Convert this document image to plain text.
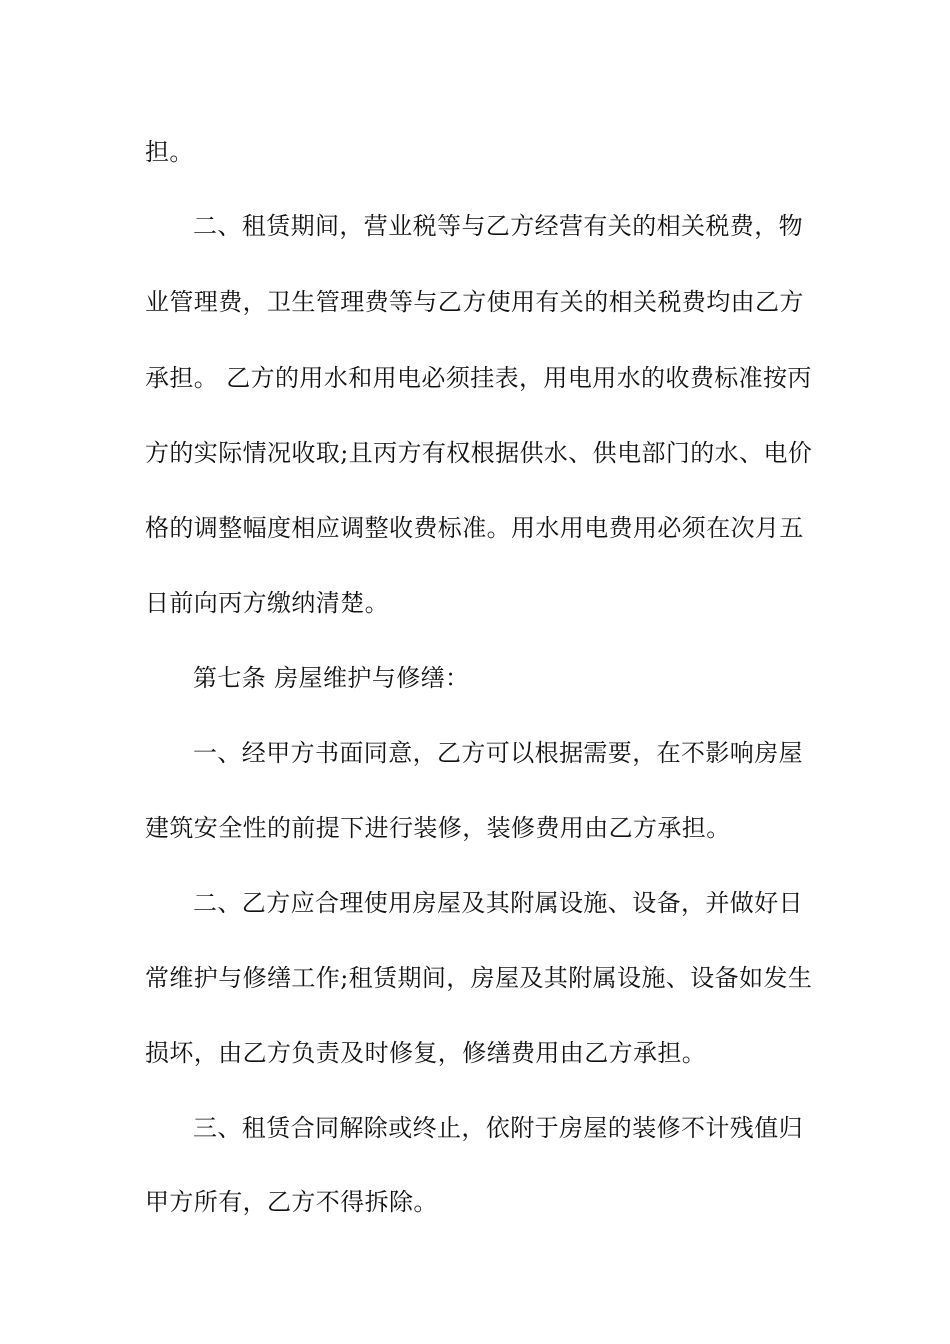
担。
二、租赁期间，营业税等与乙方经营有关的相关税费，物
业管理费，卫生管理费等与乙方使用有关的相关税费均由乙方
承担。 乙方的用水和用电必须挂表，用电用水的收费标准按丙
方的实际情况收取;且丙方有权根据供水、供电部门的水、电价
格的调整幅度相应调整收费标准。用水用电费用必须在次月五
日前向丙方缴纳清楚。
第七条 房屋维护与修缮：
一、经甲方书面同意，乙方可以根据需要，在不影响房屋
建筑安全性的前提下进行装修，装修费用由乙方承担。
二、乙方应合理使用房屋及其附属设施、设备，并做好日
常维护与修缮工作;租赁期间，房屋及其附属设施、设备如发生
损坏，由乙方负责及时修复，修缮费用由乙方承担。
三、租赁合同解除或终止，依附于房屋的装修不计残值归
甲方所有，乙方不得拆除。
